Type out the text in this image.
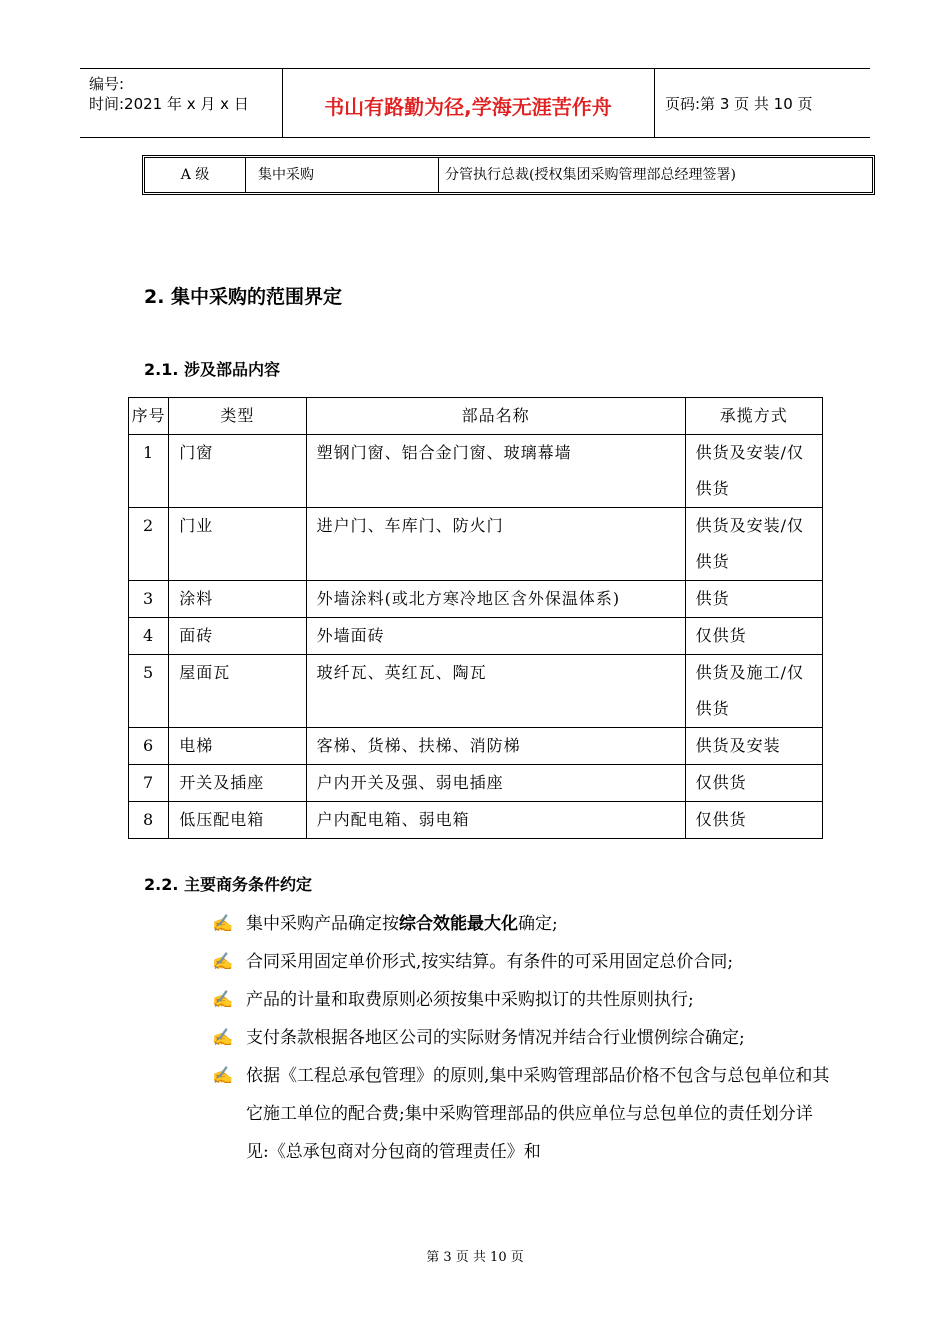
编号:
时间:2021 年 x 月 x 日	书山有路勤为径,学海无涯苦作舟	页码:第 3 页 共 10 页
A 级	集中采购	分管执行总裁(授权集团采购管理部总经理签署)
2. 集中采购的范围界定
2.1. 涉及部品内容
序号	类型	部品名称	承揽方式
1	门窗	塑钢门窗、铝合金门窗、玻璃幕墙	供货及安装/仅供货
2	门业	进户门、车库门、防火门	供货及安装/仅供货
3	涂料	外墙涂料(或北方寒冷地区含外保温体系)	供货
4	面砖	外墙面砖	仅供货
5	屋面瓦	玻纤瓦、英红瓦、陶瓦	供货及施工/仅供货
6	电梯	客梯、货梯、扶梯、消防梯	供货及安装
7	开关及插座	户内开关及强、弱电插座	仅供货
8	低压配电箱	户内配电箱、弱电箱	仅供货
2.2. 主要商务条件约定
✍ 集中采购产品确定按综合效能最大化确定;
✍ 合同采用固定单价形式,按实结算。有条件的可采用固定总价合同;
✍ 产品的计量和取费原则必须按集中采购拟订的共性原则执行;
✍ 支付条款根据各地区公司的实际财务情况并结合行业惯例综合确定;
✍ 依据《工程总承包管理》的原则,集中采购管理部品价格不包含与总包单位和其它施工单位的配合费;集中采购管理部品的供应单位与总包单位的责任划分详见:《总承包商对分包商的管理责任》和
第 3 页 共 10 页
